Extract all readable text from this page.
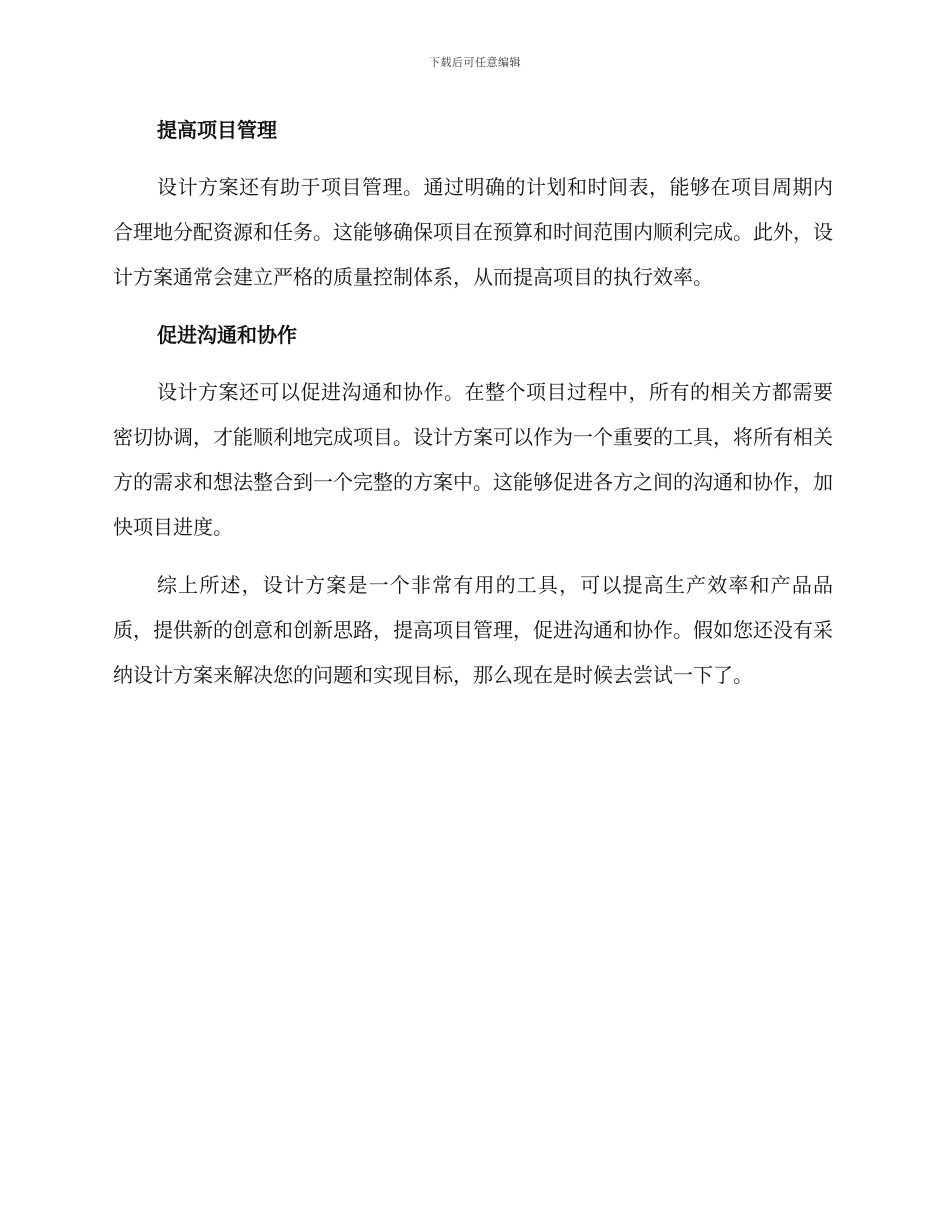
下载后可任意编辑
提高项目管理

设计方案还有助于项目管理。通过明确的计划和时间表，能够在项目周期内合理地分配资源和任务。这能够确保项目在预算和时间范围内顺利完成。此外，设计方案通常会建立严格的质量控制体系，从而提高项目的执行效率。

促进沟通和协作

设计方案还可以促进沟通和协作。在整个项目过程中，所有的相关方都需要密切协调，才能顺利地完成项目。设计方案可以作为一个重要的工具，将所有相关方的需求和想法整合到一个完整的方案中。这能够促进各方之间的沟通和协作，加快项目进度。

综上所述，设计方案是一个非常有用的工具，可以提高生产效率和产品品质，提供新的创意和创新思路，提高项目管理，促进沟通和协作。假如您还没有采纳设计方案来解决您的问题和实现目标，那么现在是时候去尝试一下了。
